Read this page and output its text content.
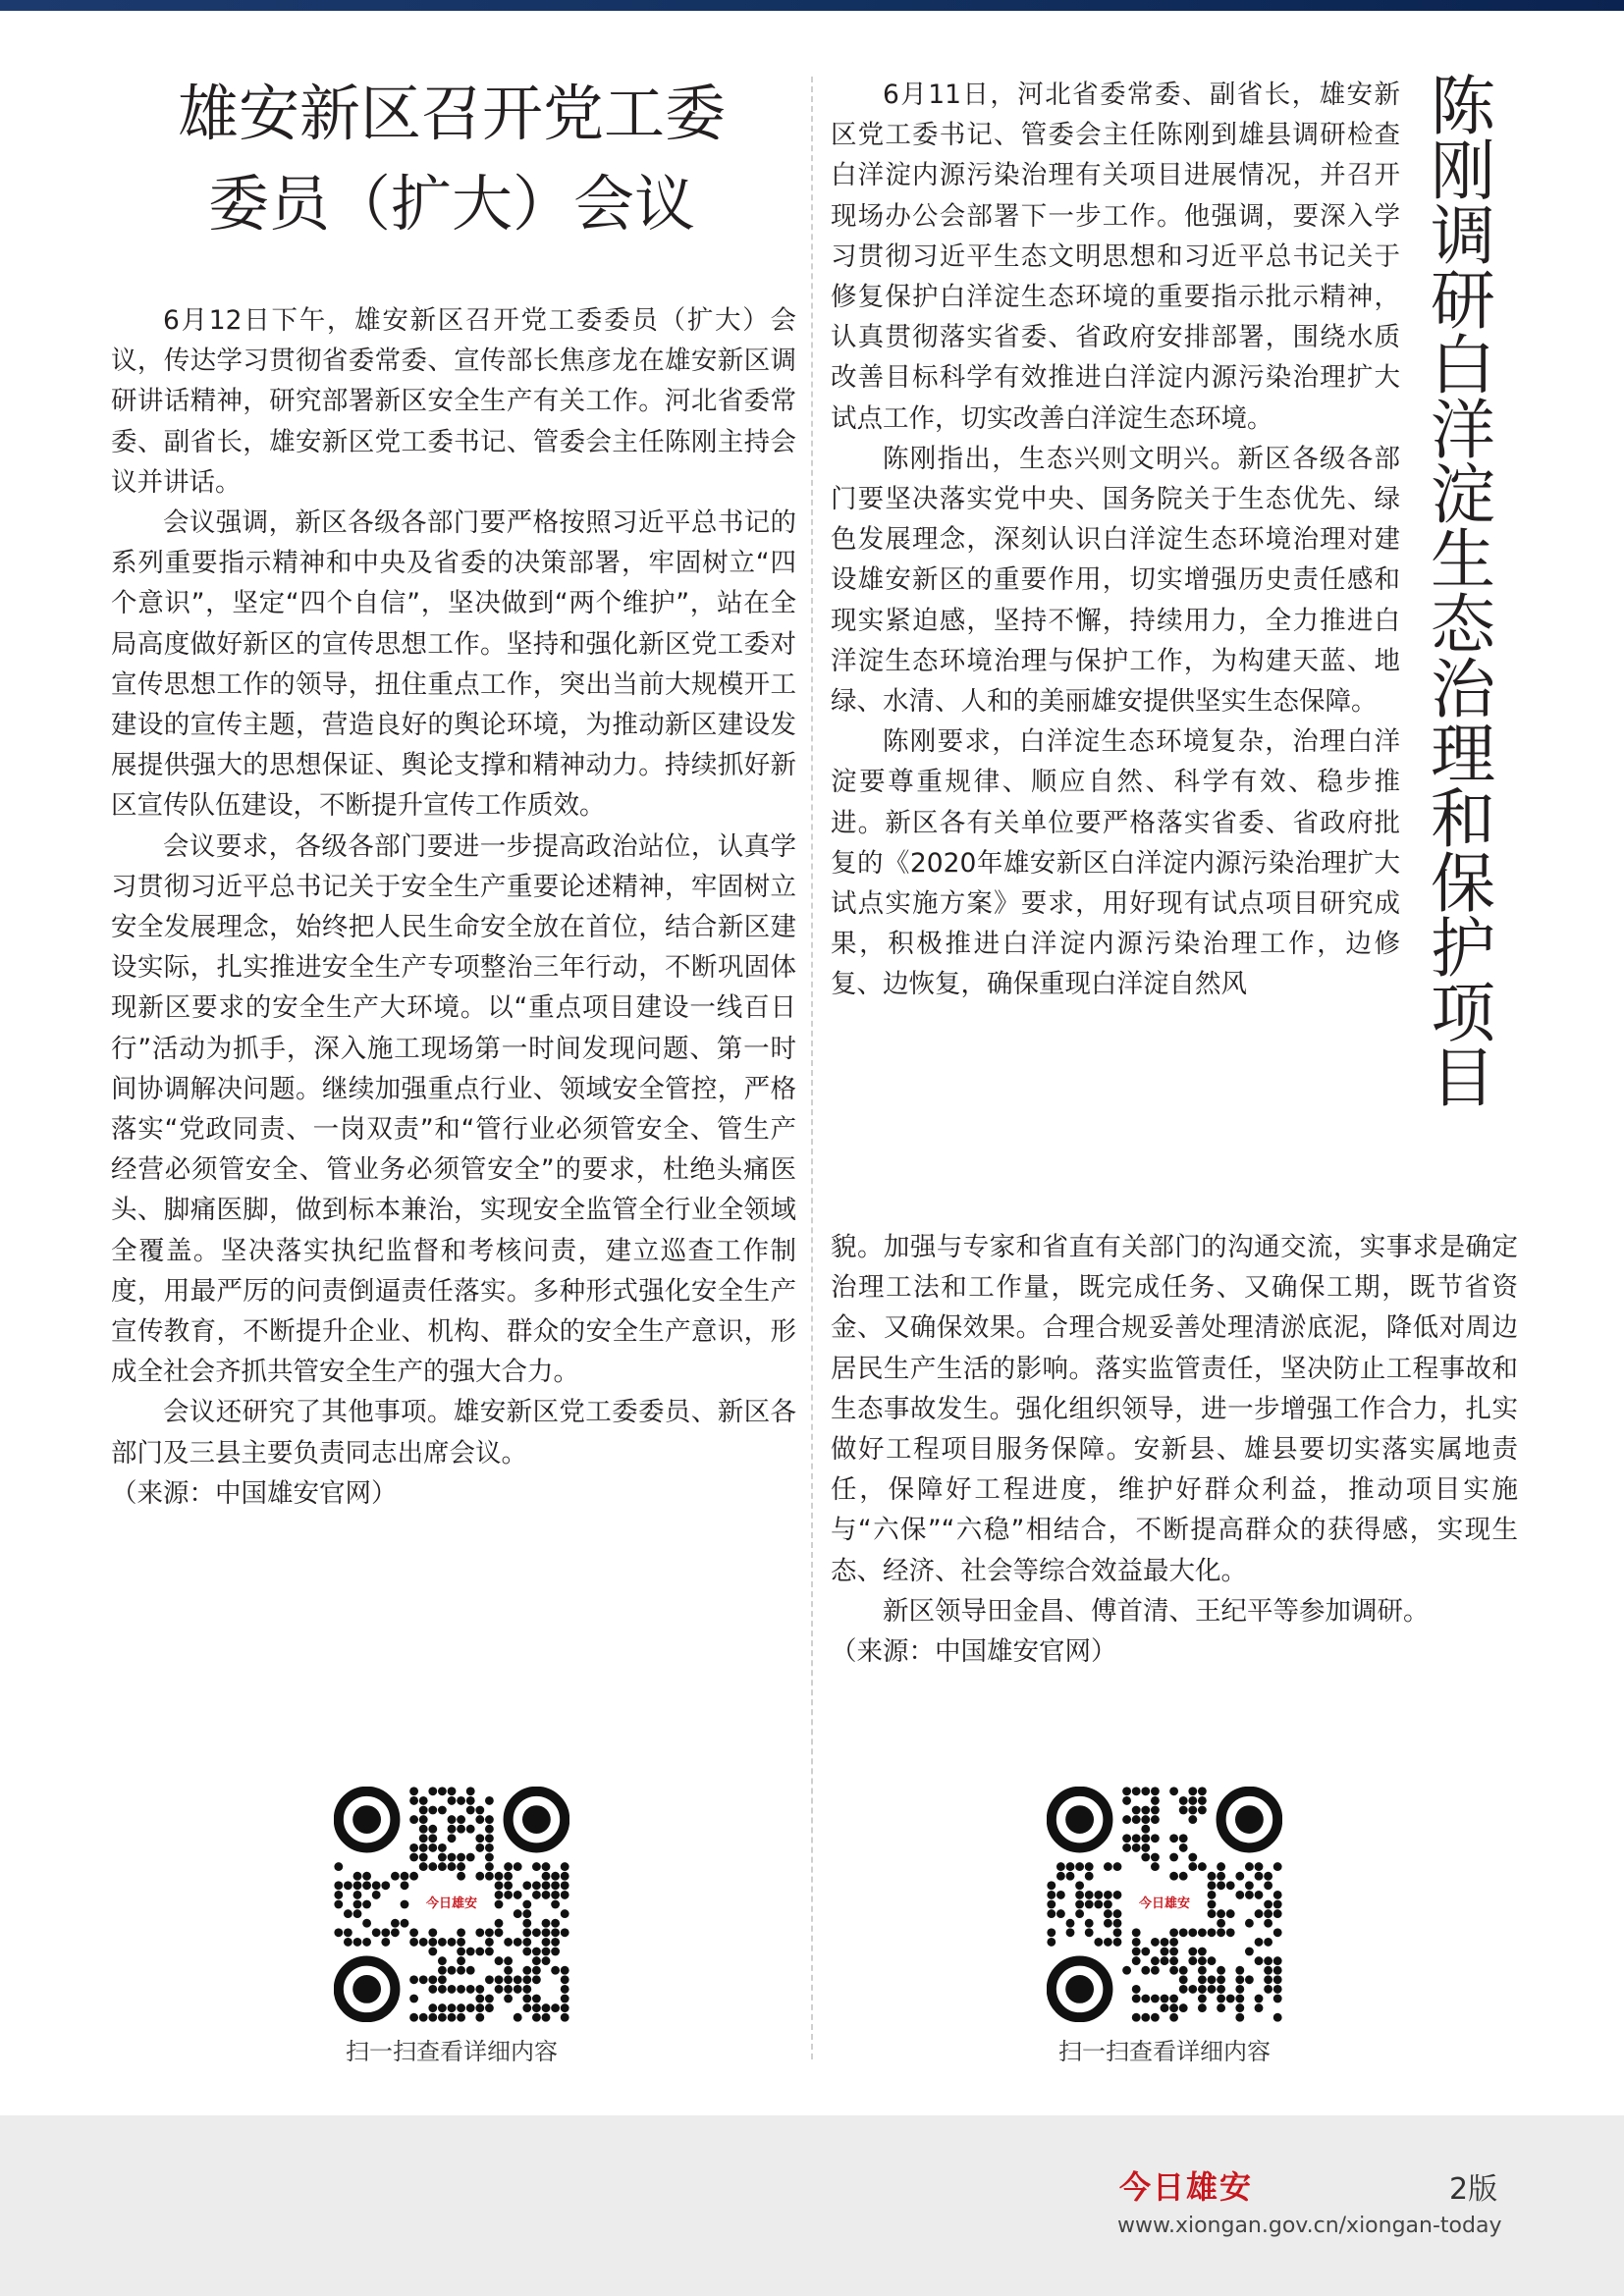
雄安新区召开党工委
委员（扩大）会议

6月12日下午，雄安新区召开党工委委员（扩大）会议，传达学习贯彻省委常委、宣传部长焦彦龙在雄安新区调研讲话精神，研究部署新区安全生产有关工作。河北省委常委、副省长，雄安新区党工委书记、管委会主任陈刚主持会议并讲话。

会议强调，新区各级各部门要严格按照习近平总书记的系列重要指示精神和中央及省委的决策部署，牢固树立“四个意识”，坚定“四个自信”，坚决做到“两个维护”，站在全局高度做好新区的宣传思想工作。坚持和强化新区党工委对宣传思想工作的领导，扭住重点工作，突出当前大规模开工建设的宣传主题，营造良好的舆论环境，为推动新区建设发展提供强大的思想保证、舆论支撑和精神动力。持续抓好新区宣传队伍建设，不断提升宣传工作质效。

会议要求，各级各部门要进一步提高政治站位，认真学习贯彻习近平总书记关于安全生产重要论述精神，牢固树立安全发展理念，始终把人民生命安全放在首位，结合新区建设实际，扎实推进安全生产专项整治三年行动，不断巩固体现新区要求的安全生产大环境。以“重点项目建设一线百日行”活动为抓手，深入施工现场第一时间发现问题、第一时间协调解决问题。继续加强重点行业、领域安全管控，严格落实“党政同责、一岗双责”和“管行业必须管安全、管生产经营必须管安全、管业务必须管安全”的要求，杜绝头痛医头、脚痛医脚，做到标本兼治，实现安全监管全行业全领域全覆盖。坚决落实执纪监督和考核问责，建立巡查工作制度，用最严厉的问责倒逼责任落实。多种形式强化安全生产宣传教育，不断提升企业、机构、群众的安全生产意识，形成全社会齐抓共管安全生产的强大合力。

会议还研究了其他事项。雄安新区党工委委员、新区各部门及三县主要负责同志出席会议。

（来源：中国雄安官网）

6月11日，河北省委常委、副省长，雄安新区党工委书记、管委会主任陈刚到雄县调研检查白洋淀内源污染治理有关项目进展情况，并召开现场办公会部署下一步工作。他强调，要深入学习贯彻习近平生态文明思想和习近平总书记关于修复保护白洋淀生态环境的重要指示批示精神，认真贯彻落实省委、省政府安排部署，围绕水质改善目标科学有效推进白洋淀内源污染治理扩大试点工作，切实改善白洋淀生态环境。

陈刚指出，生态兴则文明兴。新区各级各部门要坚决落实党中央、国务院关于生态优先、绿色发展理念，深刻认识白洋淀生态环境治理对建设雄安新区的重要作用，切实增强历史责任感和现实紧迫感，坚持不懈，持续用力，全力推进白洋淀生态环境治理与保护工作，为构建天蓝、地绿、水清、人和的美丽雄安提供坚实生态保障。

陈刚要求，白洋淀生态环境复杂，治理白洋淀要尊重规律、顺应自然、科学有效、稳步推进。新区各有关单位要严格落实省委、省政府批复的《2020年雄安新区白洋淀内源污染治理扩大试点实施方案》要求，用好现有试点项目研究成果，积极推进白洋淀内源污染治理工作，边修复、边恢复，确保重现白洋淀自然风

陈
刚
调
研
白
洋
淀
生
态
治
理
和
保
护
项
目

貌。加强与专家和省直有关部门的沟通交流，实事求是确定治理工法和工作量，既完成任务、又确保工期，既节省资金、又确保效果。合理合规妥善处理清淤底泥，降低对周边居民生产生活的影响。落实监管责任，坚决防止工程事故和生态事故发生。强化组织领导，进一步增强工作合力，扎实做好工程项目服务保障。安新县、雄县要切实落实属地责任，保障好工程进度，维护好群众利益，推动项目实施与“六保”“六稳”相结合，不断提高群众的获得感，实现生态、经济、社会等综合效益最大化。

新区领导田金昌、傅首清、王纪平等参加调研。

（来源：中国雄安官网）

今日雄安
扫一扫查看详细内容
今日雄安
扫一扫查看详细内容
今日雄安	2版
www.xiongan.gov.cn/xiongan-today
